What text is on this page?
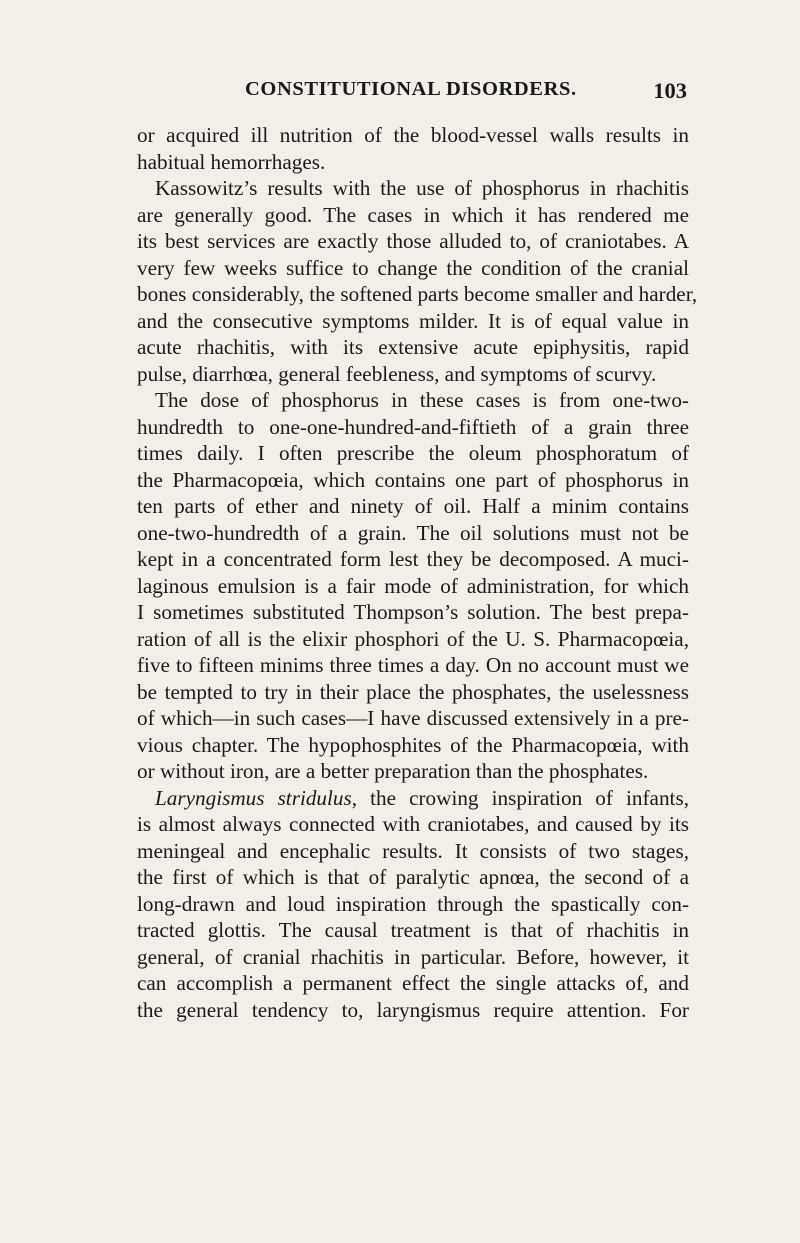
CONSTITUTIONAL DISORDERS.	103
or acquired ill nutrition of the blood-vessel walls results in
habitual hemorrhages.
Kassowitz’s results with the use of phosphorus in rhachitis
are generally good. The cases in which it has rendered me
its best services are exactly those alluded to, of craniotabes. A
very few weeks suffice to change the condition of the cranial
bones considerably, the softened parts become smaller and harder,
and the consecutive symptoms milder. It is of equal value in
acute rhachitis, with its extensive acute epiphysitis, rapid
pulse, diarrhœa, general feebleness, and symptoms of scurvy.
The dose of phosphorus in these cases is from one-two-
hundredth to one-one-hundred-and-fiftieth of a grain three
times daily. I often prescribe the oleum phosphoratum of
the Pharmacopœia, which contains one part of phosphorus in
ten parts of ether and ninety of oil. Half a minim contains
one-two-hundredth of a grain. The oil solutions must not be
kept in a concentrated form lest they be decomposed. A muci-
laginous emulsion is a fair mode of administration, for which
I sometimes substituted Thompson’s solution. The best prepa-
ration of all is the elixir phosphori of the U. S. Pharmacopœia,
five to fifteen minims three times a day. On no account must we
be tempted to try in their place the phosphates, the uselessness
of which—in such cases—I have discussed extensively in a pre-
vious chapter. The hypophosphites of the Pharmacopœia, with
or without iron, are a better preparation than the phosphates.
Laryngismus stridulus, the crowing inspiration of infants,
is almost always connected with craniotabes, and caused by its
meningeal and encephalic results. It consists of two stages,
the first of which is that of paralytic apnœa, the second of a
long-drawn and loud inspiration through the spastically con-
tracted glottis. The causal treatment is that of rhachitis in
general, of cranial rhachitis in particular. Before, however, it
can accomplish a permanent effect the single attacks of, and
the general tendency to, laryngismus require attention. For
